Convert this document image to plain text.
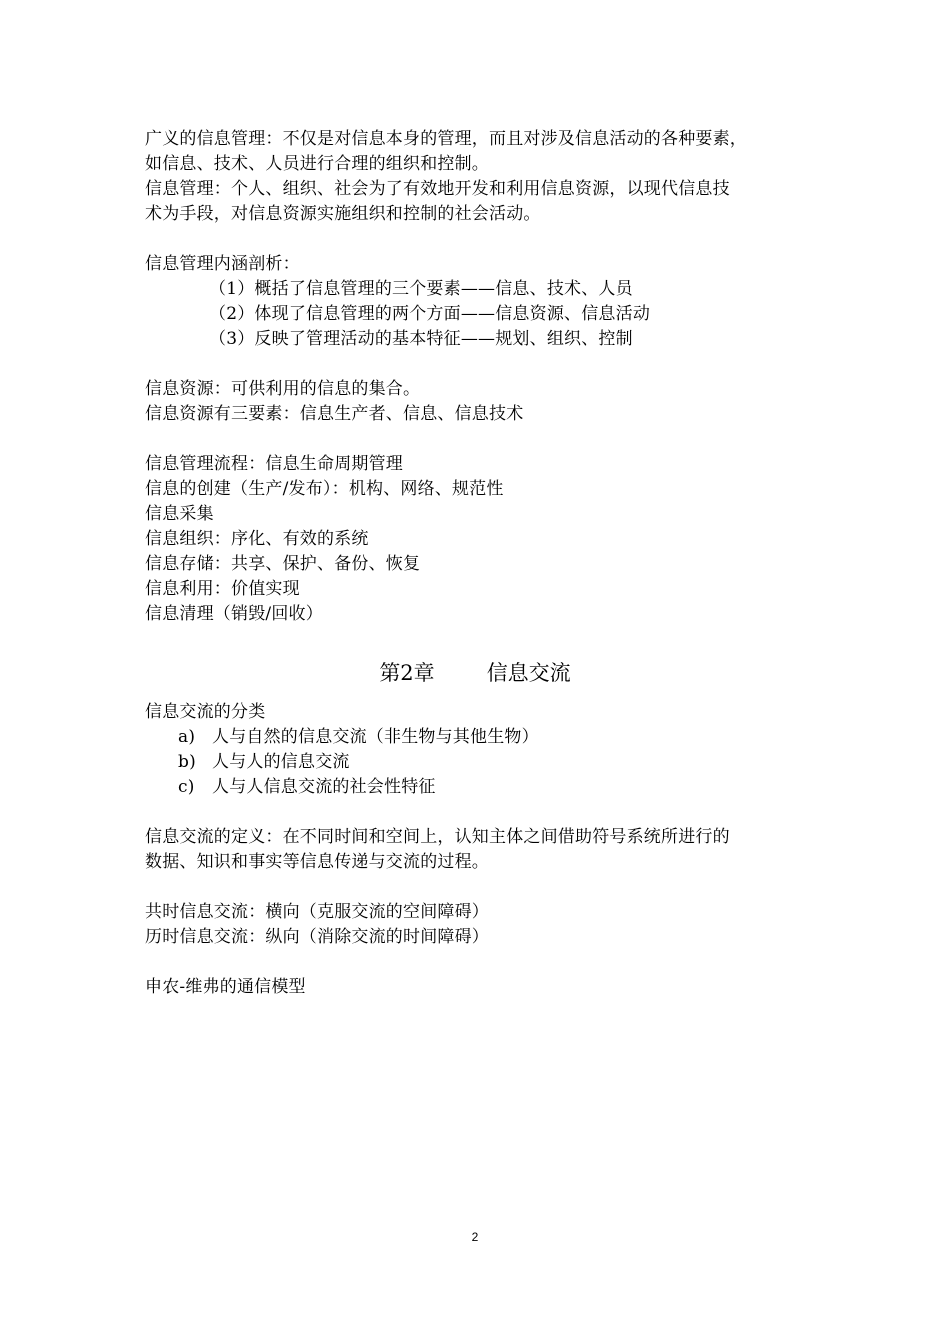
广义的信息管理：不仅是对信息本身的管理，而且对涉及信息活动的各种要素，
如信息、技术、人员进行合理的组织和控制。
信息管理：个人、组织、社会为了有效地开发和利用信息资源，以现代信息技
术为手段，对信息资源实施组织和控制的社会活动。
信息管理内涵剖析：
（1）概括了信息管理的三个要素——信息、技术、人员
（2）体现了信息管理的两个方面——信息资源、信息活动
（3）反映了管理活动的基本特征——规划、组织、控制
信息资源：可供利用的信息的集合。
信息资源有三要素：信息生产者、信息、信息技术
信息管理流程：信息生命周期管理
信息的创建（生产/发布）：机构、网络、规范性
信息采集
信息组织：序化、有效的系统
信息存储：共享、保护、备份、恢复
信息利用：价值实现
信息清理（销毁/回收）
第2章 信息交流
信息交流的分类
a) 人与自然的信息交流（非生物与其他生物）
b) 人与人的信息交流
c) 人与人信息交流的社会性特征
信息交流的定义：在不同时间和空间上，认知主体之间借助符号系统所进行的
数据、知识和事实等信息传递与交流的过程。
共时信息交流：横向（克服交流的空间障碍）
历时信息交流：纵向（消除交流的时间障碍）
申农-维弗的通信模型
2
